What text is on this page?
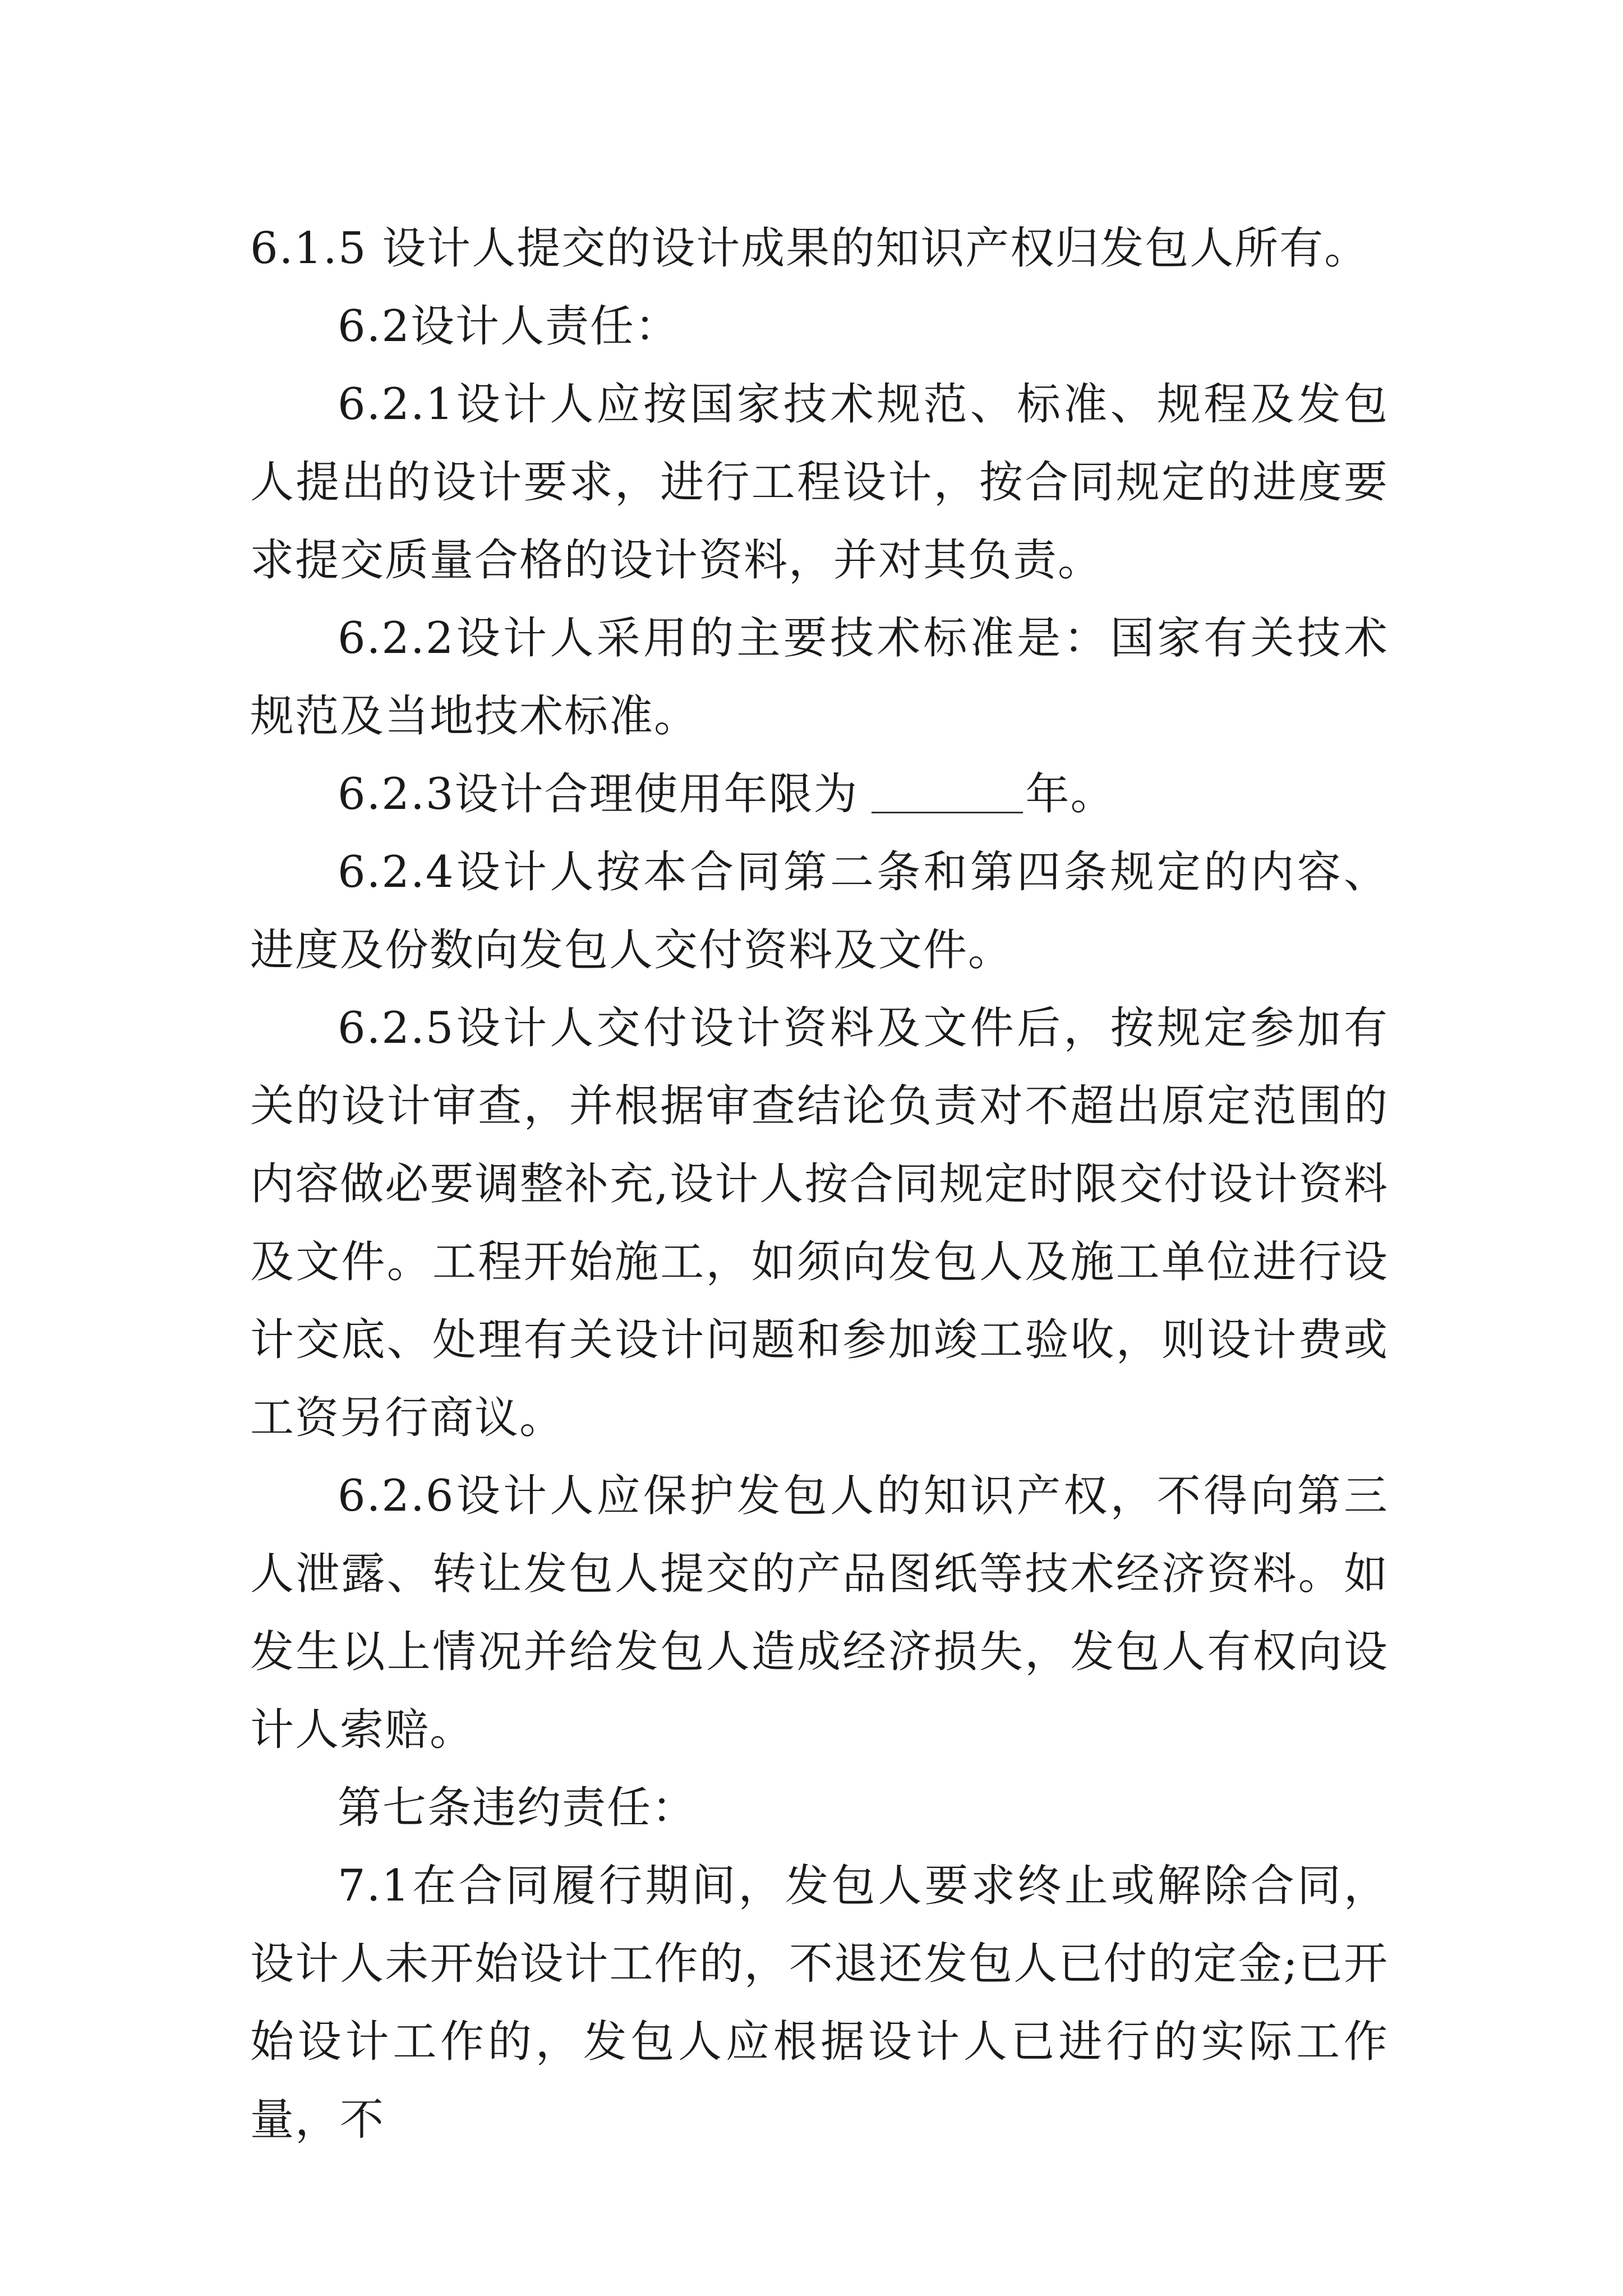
6.1.5 设计人提交的设计成果的知识产权归发包人所有。

6.2设计人责任：

6.2.1设计人应按国家技术规范、标准、规程及发包人提出的设计要求，进行工程设计，按合同规定的进度要求提交质量合格的设计资料，并对其负责。

6.2.2设计人采用的主要技术标准是：国家有关技术规范及当地技术标准。

6.2.3设计合理使用年限为	年。

6.2.4设计人按本合同第二条和第四条规定的内容、进度及份数向发包人交付资料及文件。

6.2.5设计人交付设计资料及文件后，按规定参加有关的设计审查，并根据审查结论负责对不超出原定范围的内容做必要调整补充,设计人按合同规定时限交付设计资料及文件。工程开始施工，如须向发包人及施工单位进行设计交底、处理有关设计问题和参加竣工验收，则设计费或工资另行商议。

6.2.6设计人应保护发包人的知识产权，不得向第三人泄露、转让发包人提交的产品图纸等技术经济资料。如发生以上情况并给发包人造成经济损失，发包人有权向设计人索赔。

第七条违约责任：

7.1在合同履行期间，发包人要求终止或解除合同，设计人未开始设计工作的，不退还发包人已付的定金;已开始设计工作的，发包人应根据设计人已进行的实际工作量，不
